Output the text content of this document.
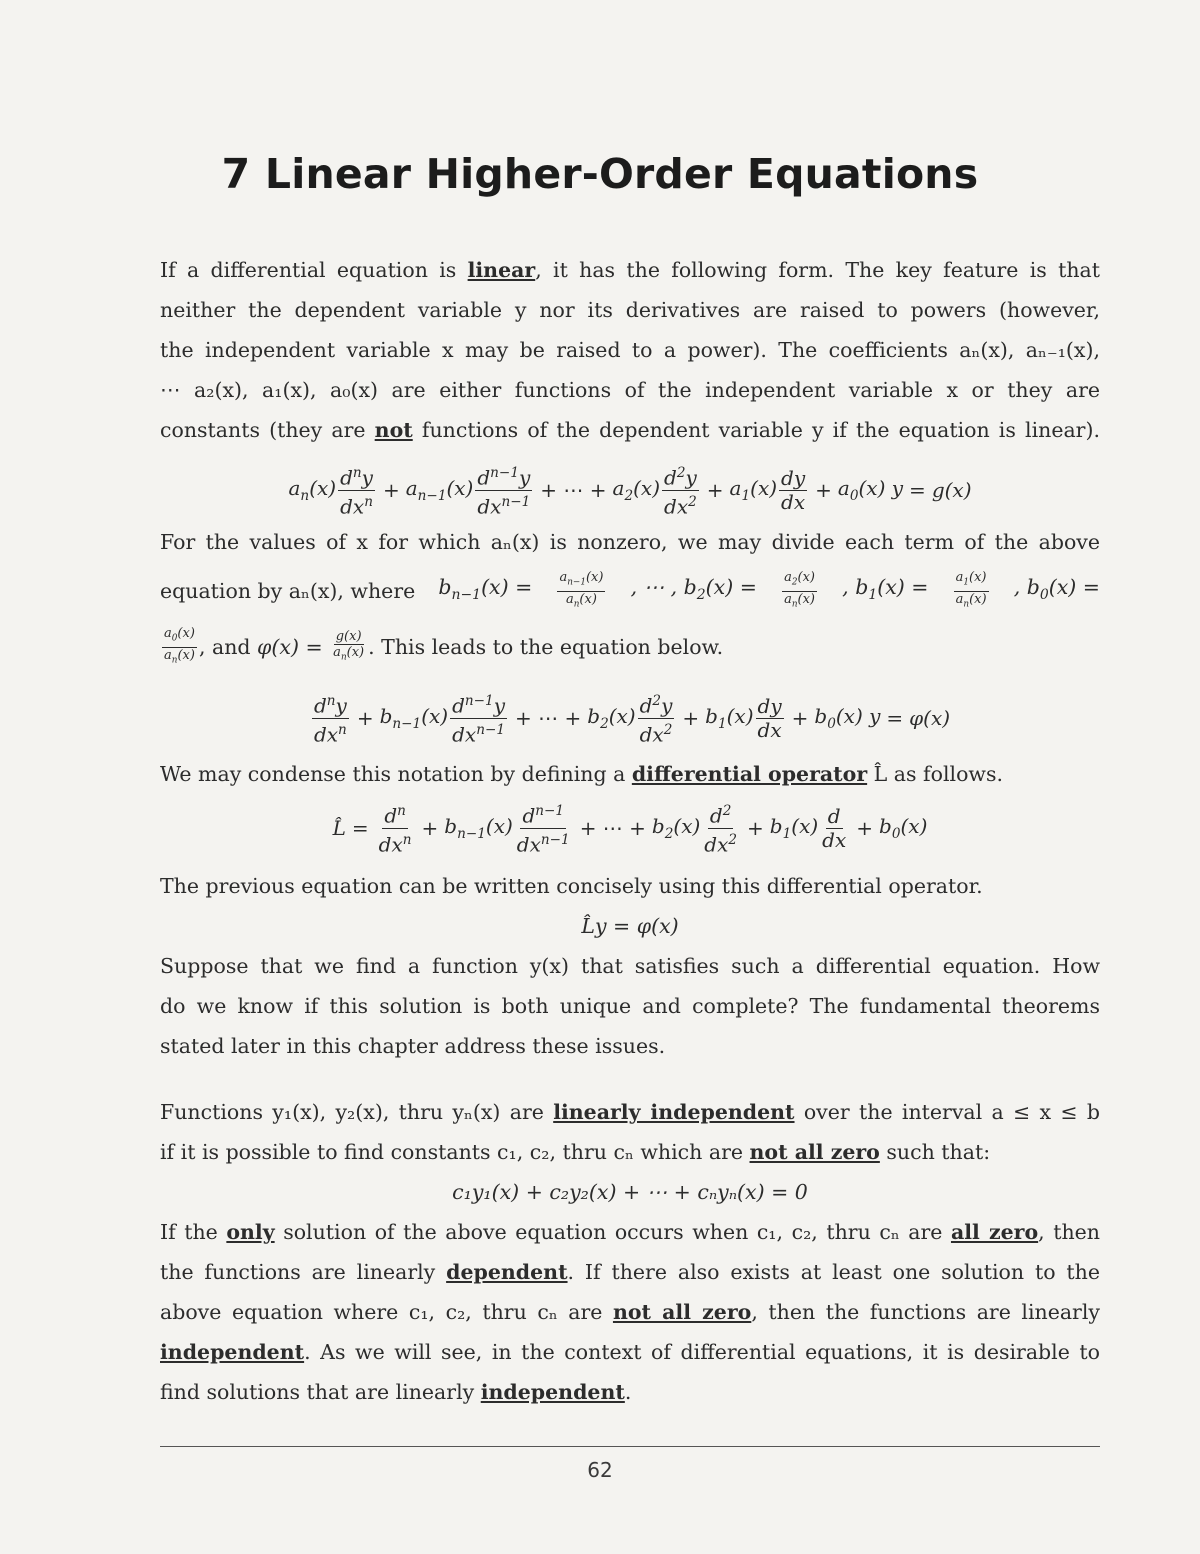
7 Linear Higher-Order Equations
If a differential equation is linear, it has the following form. The key feature is that
neither the dependent variable y nor its derivatives are raised to powers (however,
the independent variable x may be raised to a power). The coefficients aₙ(x), aₙ₋₁(x),
⋯ a₂(x), a₁(x), a₀(x) are either functions of the independent variable x or they are
constants (they are not functions of the dependent variable y if the equation is linear).
$a_n(x) \frac{d^ny}{dx^n} + a_{n-1}(x) \frac{d^{n-1}y}{dx^{n-1}}$ + ⋯ + $a_2(x) \frac{d^2y}{dx^2} + a_1(x) \frac{dy}{dx} + a_0(x) y = g(x)$
For the values of x for which aₙ(x) is nonzero, we may divide each term of the above
equation by aₙ(x), where $b_{n-1}(x) = \frac{a_{n-1}(x)}{a_n(x)}$ , ⋯ , $b_2(x) = \frac{a_2(x)}{a_n(x)}$ , $b_1(x) = \frac{a_1(x)}{a_n(x)}$ , $b_0(x)$ =
$\frac{a_0(x)}{a_n(x)}$ , and $\varphi(x) = \frac{g(x)}{a_n(x)}$ . This leads to the equation below.
$\frac{d^ny}{dx^n} + b_{n-1}(x) \frac{d^{n-1}y}{dx^{n-1}}$ + ⋯ + $b_2(x) \frac{d^2y}{dx^2} + b_1(x) \frac{dy}{dx} + b_0(x) y = \varphi(x)$
We may condense this notation by defining a differential operator L̂ as follows.
L̂ = $\frac{d^n}{dx^n} + b_{n-1}(x) \frac{d^{n-1}}{dx^{n-1}}$ + ⋯ + $b_2(x) \frac{d^2}{dx^2} + b_1(x) \frac{d}{dx} + b_0(x)$
The previous equation can be written concisely using this differential operator.
L̂y = φ(x)
Suppose that we find a function y(x) that satisfies such a differential equation. How
do we know if this solution is both unique and complete? The fundamental theorems
stated later in this chapter address these issues.
Functions y₁(x), y₂(x), thru yₙ(x) are linearly independent over the interval a ≤ x ≤ b
if it is possible to find constants c₁, c₂, thru cₙ which are not all zero such that:
c₁y₁(x) + c₂y₂(x) + ⋯ + cₙyₙ(x) = 0
If the only solution of the above equation occurs when c₁, c₂, thru cₙ are all zero, then
the functions are linearly dependent. If there also exists at least one solution to the
above equation where c₁, c₂, thru cₙ are not all zero, then the functions are linearly
independent. As we will see, in the context of differential equations, it is desirable to
find solutions that are linearly independent.
62
